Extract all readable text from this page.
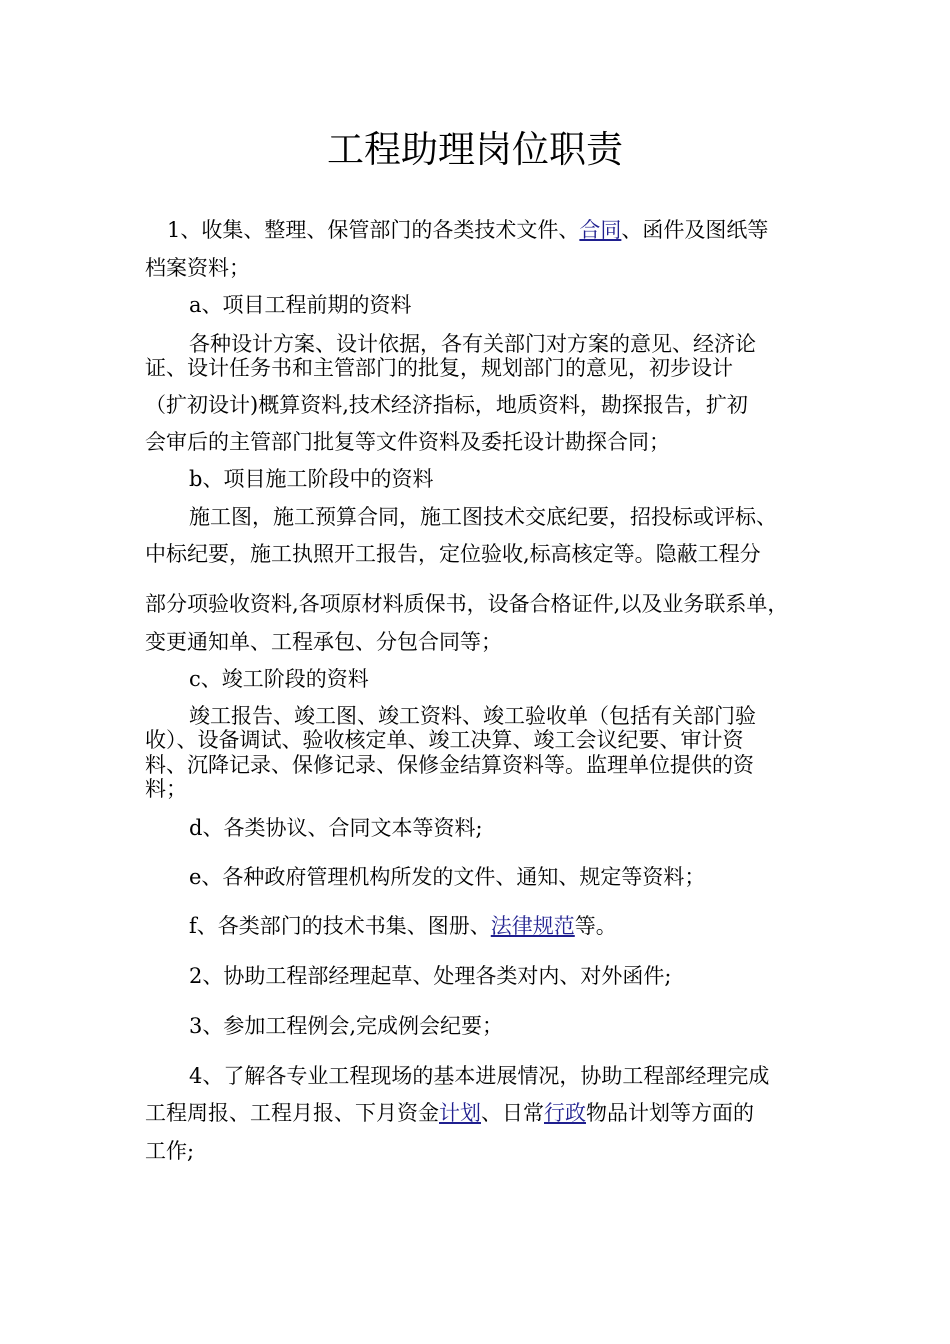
工程助理岗位职责

1、收集、整理、保管部门的各类技术文件、合同、函件及图纸等

档案资料；

a、项目工程前期的资料

各种设计方案、设计依据，各有关部门对方案的意见、经济论

证、设计任务书和主管部门的批复，规划部门的意见，初步设计

（扩初设计)概算资料,技术经济指标，地质资料，勘探报告，扩初

会审后的主管部门批复等文件资料及委托设计勘探合同；

b、项目施工阶段中的资料

施工图，施工预算合同，施工图技术交底纪要，招投标或评标、

中标纪要，施工执照开工报告，定位验收,标高核定等。隐蔽工程分

部分项验收资料,各项原材料质保书，设备合格证件,以及业务联系单，

变更通知单、工程承包、分包合同等；

c、竣工阶段的资料

竣工报告、竣工图、竣工资料、竣工验收单（包括有关部门验

收）、设备调试、验收核定单、竣工决算、竣工会议纪要、审计资

料、沉降记录、保修记录、保修金结算资料等。监理单位提供的资

料；

d、各类协议、合同文本等资料;

e、各种政府管理机构所发的文件、通知、规定等资料；

f、各类部门的技术书集、图册、法律规范等。

2、协助工程部经理起草、处理各类对内、对外函件;

3、参加工程例会,完成例会纪要；

4、了解各专业工程现场的基本进展情况，协助工程部经理完成

工程周报、工程月报、下月资金计划、日常行政物品计划等方面的

工作;
